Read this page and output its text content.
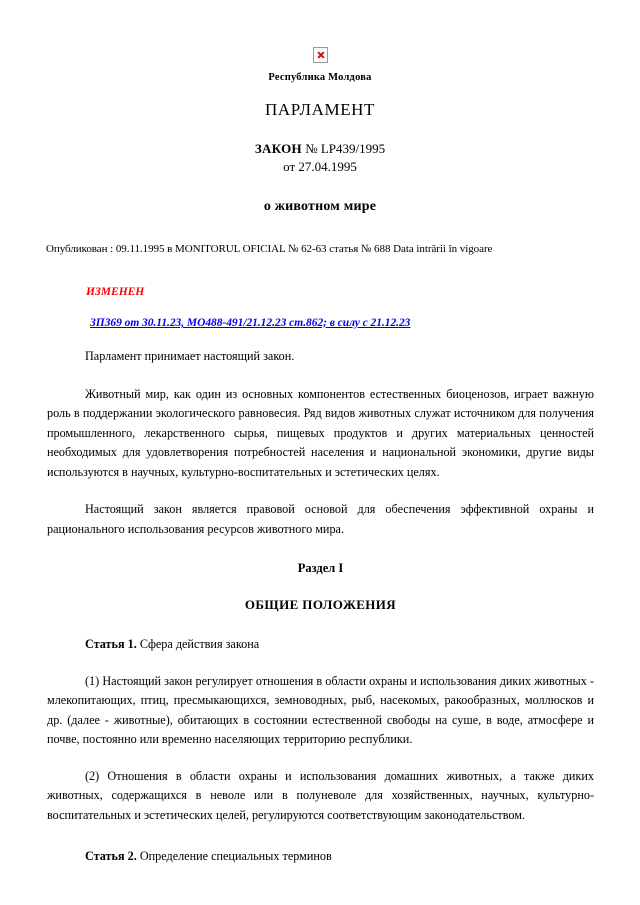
Республика Молдова
ПАРЛАМЕНТ
ЗАКОН № LP439/1995
от 27.04.1995
о животном мире
Опубликован : 09.11.1995 в MONITORUL OFICIAL № 62-63 статья № 688 Data intrării în vigoare
ИЗМЕНЕН
ЗП369 от 30.11.23, МО488-491/21.12.23 ст.862; в силу с 21.12.23

Парламент принимает настоящий закон.

Животный мир, как один из основных компонентов естественных биоценозов, играет важную роль в поддержании экологического равновесия. Ряд видов животных служат источником для получения промышленного, лекарственного сырья, пищевых продуктов и других материальных ценностей необходимых для удовлетворения потребностей населения и национальной экономики, другие виды используются в научных, культурно-воспитательных и эстетических целях.

Настоящий закон является правовой основой для обеспечения эффективной охраны и рационального использования ресурсов животного мира.

Раздел I

ОБЩИЕ ПОЛОЖЕНИЯ

Статья 1. Сфера действия закона

(1) Настоящий закон регулирует отношения в области охраны и использования диких животных - млекопитающих, птиц, пресмыкающихся, земноводных, рыб, насекомых, ракообразных, моллюсков и др. (далее - животные), обитающих в состоянии естественной свободы на суше, в воде, атмосфере и почве, постоянно или временно населяющих территорию республики.

(2) Отношения в области охраны и использования домашних животных, а также диких животных, содержащихся в неволе или в полуневоле для хозяйственных, научных, культурно-воспитательных и эстетических целей, регулируются соответствующим законодательством.

Статья 2. Определение специальных терминов
